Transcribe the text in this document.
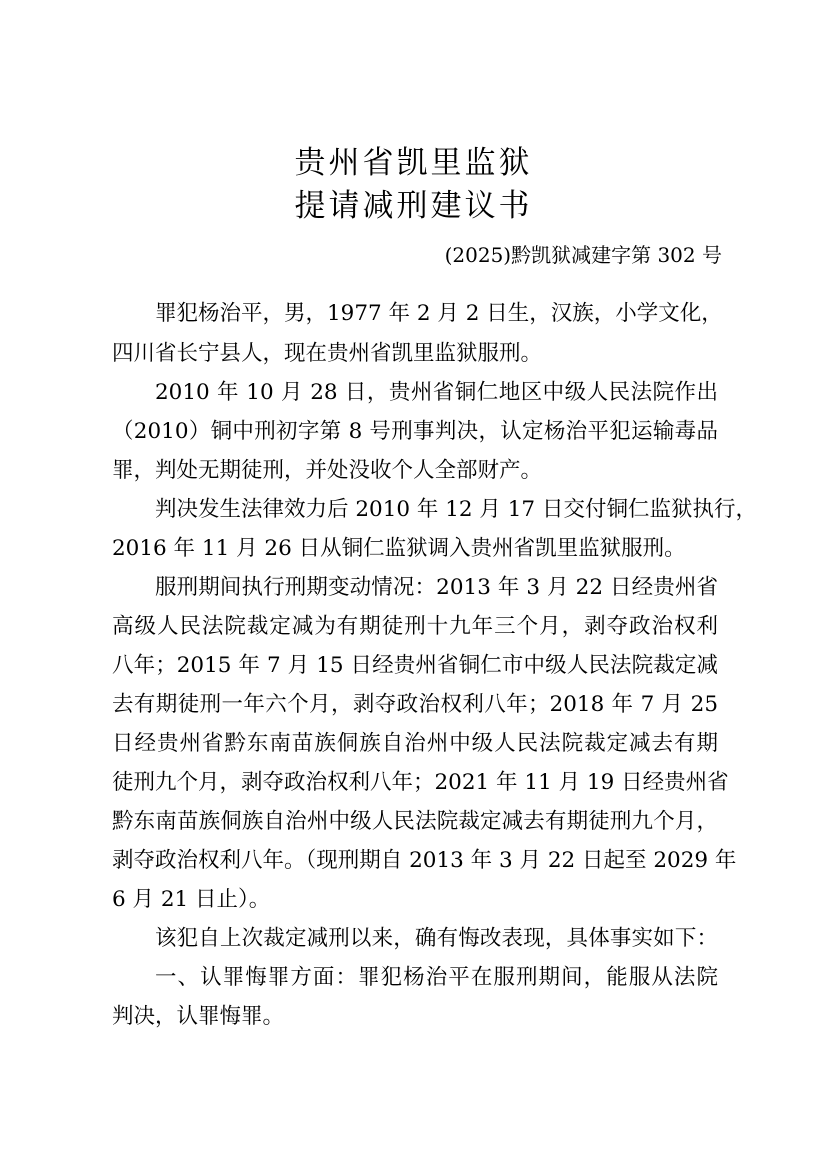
贵州省凯里监狱
提请减刑建议书
(2025)黔凯狱减建字第 302 号
罪犯杨治平，男，1977 年 2 月 2 日生，汉族，小学文化，
四川省长宁县人，现在贵州省凯里监狱服刑。
2010 年 10 月 28 日，贵州省铜仁地区中级人民法院作出
（2010）铜中刑初字第 8 号刑事判决，认定杨治平犯运输毒品
罪，判处无期徒刑，并处没收个人全部财产。
判决发生法律效力后 2010 年 12 月 17 日交付铜仁监狱执行，
2016 年 11 月 26 日从铜仁监狱调入贵州省凯里监狱服刑。
服刑期间执行刑期变动情况：2013 年 3 月 22 日经贵州省
高级人民法院裁定减为有期徒刑十九年三个月，剥夺政治权利
八年；2015 年 7 月 15 日经贵州省铜仁市中级人民法院裁定减
去有期徒刑一年六个月，剥夺政治权利八年；2018 年 7 月 25
日经贵州省黔东南苗族侗族自治州中级人民法院裁定减去有期
徒刑九个月，剥夺政治权利八年；2021 年 11 月 19 日经贵州省
黔东南苗族侗族自治州中级人民法院裁定减去有期徒刑九个月，
剥夺政治权利八年。（现刑期自 2013 年 3 月 22 日起至 2029 年
6 月 21 日止）。
该犯自上次裁定减刑以来，确有悔改表现，具体事实如下：
一、认罪悔罪方面：罪犯杨治平在服刑期间，能服从法院
判决，认罪悔罪。
